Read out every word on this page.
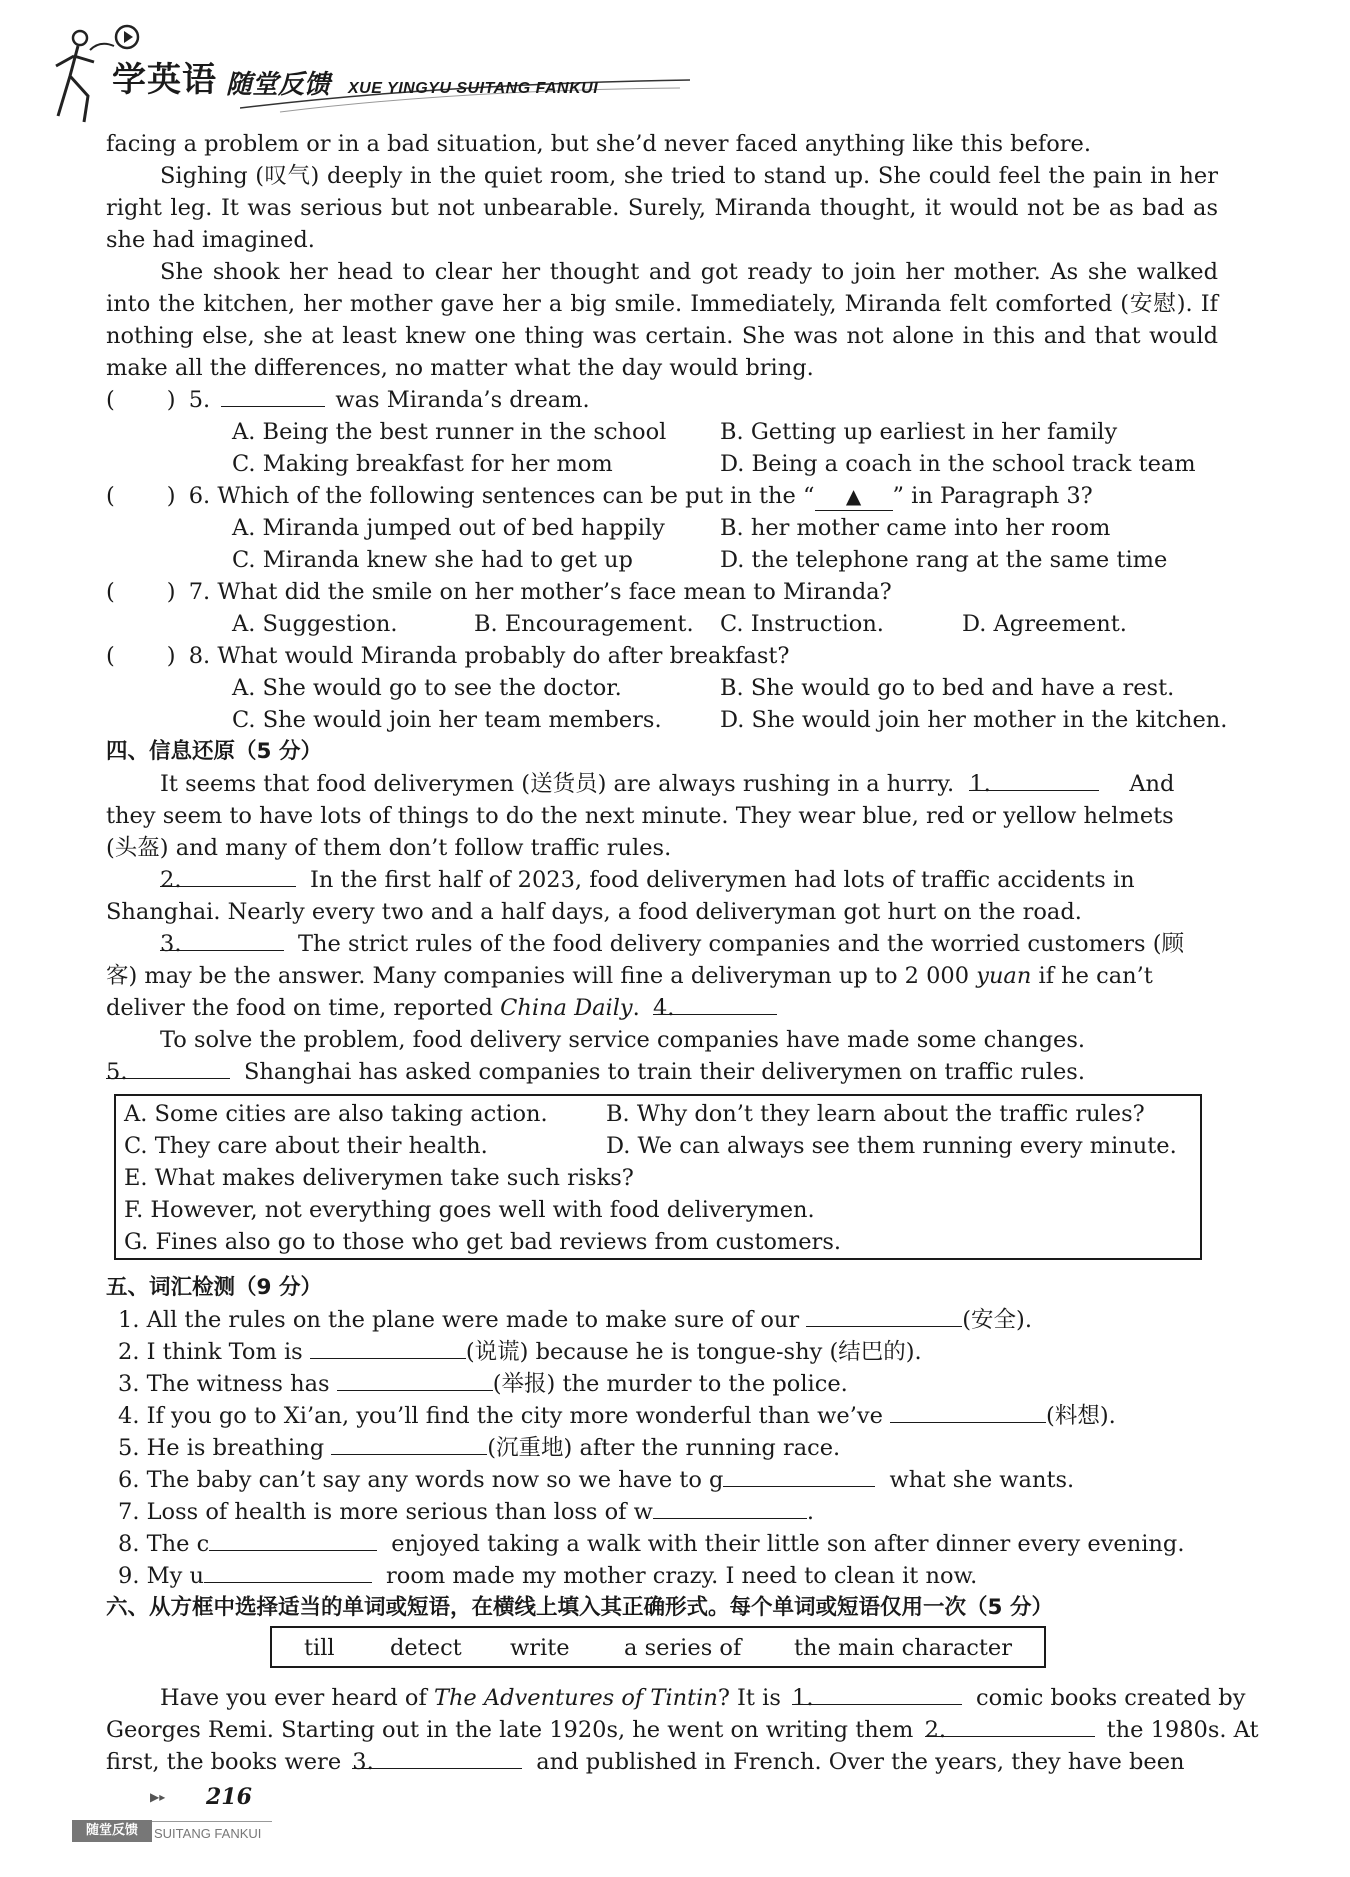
学英语 随堂反馈 XUE YINGYU SUITANG FANKUI
facing a problem or in a bad situation, but she’d never faced anything like this before.

Sighing (叹气) deeply in the quiet room, she tried to stand up. She could feel the pain in her right leg. It was serious but not unbearable. Surely, Miranda thought, it would not be as bad as she had imagined.

She shook her head to clear her thought and got ready to join her mother. As she walked into the kitchen, her mother gave her a big smile. Immediately, Miranda felt comforted (安慰). If nothing else, she at least knew one thing was certain. She was not alone in this and that would make all the differences, no matter what the day would bring.

( ) 5.	was Miranda’s dream.
A. Being the best runner in the school B. Getting up earliest in her family
C. Making breakfast for her mom	D. Being a coach in the school track team
( ) 6. Which of the following sentences can be put in the “ ▲ ” in Paragraph 3?
A. Miranda jumped out of bed happily B. her mother came into her room
C. Miranda knew she had to get up	D. the telephone rang at the same time
( ) 7. What did the smile on her mother’s face mean to Miranda?
A. Suggestion.	B. Encouragement. C. Instruction.	D. Agreement.
( ) 8. What would Miranda probably do after breakfast?
A. She would go to see the doctor.	B. She would go to bed and have a rest.
C. She would join her team members.	D. She would join her mother in the kitchen.
四、信息还原（5 分）
It seems that food deliverymen (送货员) are always rushing in a hurry. 1.	And
they seem to have lots of things to do the next minute. They wear blue, red or yellow helmets
(头盔) and many of them don’t follow traffic rules.
2.	In the first half of 2023, food deliverymen had lots of traffic accidents in
Shanghai. Nearly every two and a half days, a food deliveryman got hurt on the road.
3.	The strict rules of the food delivery companies and the worried customers (顾
客) may be the answer. Many companies will fine a deliveryman up to 2 000 yuan if he can’t
deliver the food on time, reported China Daily. 4.
To solve the problem, food delivery service companies have made some changes.
5.	Shanghai has asked companies to train their deliverymen on traffic rules.
A. Some cities are also taking action.	B. Why don’t they learn about the traffic rules?
C. They care about their health.	D. We can always see them running every minute.
E. What makes deliverymen take such risks?
F. However, not everything goes well with food deliverymen.
G. Fines also go to those who get bad reviews from customers.
五、词汇检测（9 分）
1. All the rules on the plane were made to make sure of our	(安全).
2. I think Tom is	(说谎) because he is tongue-shy (结巴的).
3. The witness has	(举报) the murder to the police.
4. If you go to Xi’an, you’ll find the city more wonderful than we’ve	(料想).
5. He is breathing	(沉重地) after the running race.
6. The baby can’t say any words now so we have to g	what she wants.
7. Loss of health is more serious than loss of w	.
8. The c	enjoyed taking a walk with their little son after dinner every evening.
9. My u	room made my mother crazy. I need to clean it now.
六、从方框中选择适当的单词或短语，在横线上填入其正确形式。每个单词或短语仅用一次（5 分）
till detect write a series of the main character
Have you ever heard of The Adventures of Tintin? It is 1.	comic books created by
Georges Remi. Starting out in the late 1920s, he went on writing them 2.	the 1980s. At
first, the books were 3.	and published in French. Over the years, they have been
▶▸ 216
随堂反馈	SUITANG FANKUI
